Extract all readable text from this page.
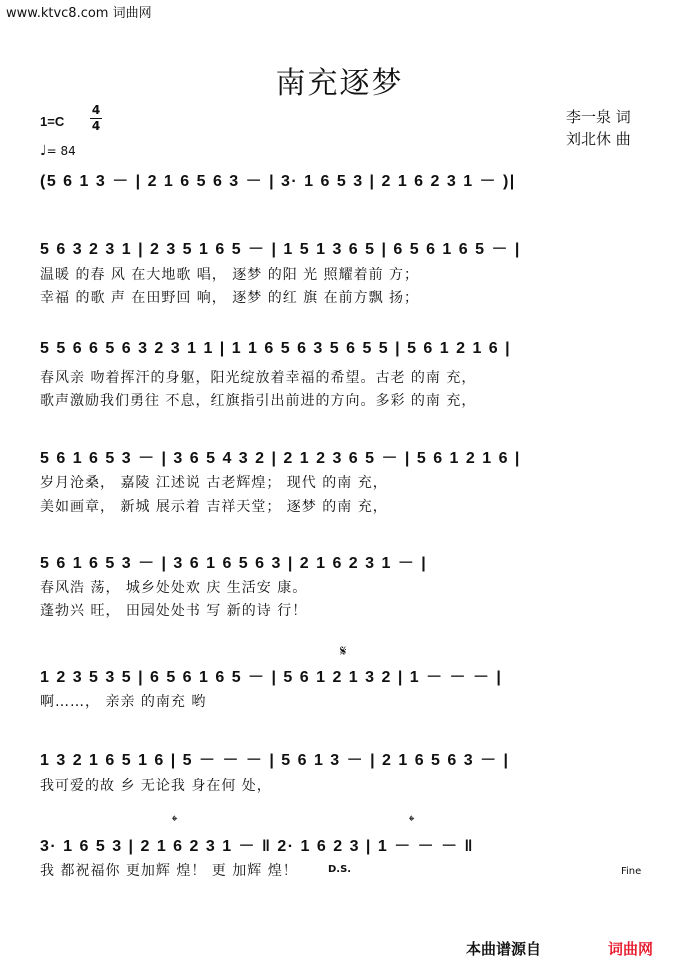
www.ktvc8.com 词曲网
南充逐梦
1=C
4
4
♩= 84
李一泉 词
刘北休 曲
(5 6 1 3 － | 2 1 6 5 6 3 － | 3· 1 6 5 3 | 2 1 6 2 3 1 － )|
5 6 3 2 3 1 | 2 3 5 1 6 5 － | 1 5 1 3 6 5 | 6 5 6 1 6 5 － |
温暖 的春 风 在大地歌 唱， 逐梦 的阳 光 照耀着前 方；
幸福 的歌 声 在田野回 响， 逐梦 的红 旗 在前方飘 扬；
5 5 6 6 5 6 3 2 3 1 1 | 1 1 6 5 6 3 5 6 5 5 | 5 6 1 2 1 6 |
春风亲 吻着挥汗的身躯，阳光绽放着幸福的希望。古老 的南 充，
歌声激励我们勇往 不息，红旗指引出前进的方向。多彩 的南 充，
5 6 1 6 5 3 － | 3 6 5 4 3 2 | 2 1 2 3 6 5 － | 5 6 1 2 1 6 |
岁月沧桑， 嘉陵 江述说 古老辉煌； 现代 的南 充，
美如画章， 新城 展示着 吉祥天堂； 逐梦 的南 充，
5 6 1 6 5 3 － | 3 6 1 6 5 6 3 | 2 1 6 2 3 1 － |
春风浩 荡， 城乡处处欢 庆 生活安 康。
蓬勃兴 旺， 田园处处书 写 新的诗 行！
𝄋
1 2 3 5 3 5 | 6 5 6 1 6 5 － | 5 6 1 2 1 3 2 | 1 － － － |
啊……， 亲亲 的南充 哟
1 3 2 1 6 5 1 6 | 5 － － － | 5 6 1 3 － | 2 1 6 5 6 3 － |
我可爱的故 乡 无论我 身在何 处，
𝄌	𝄌
3· 1 6 5 3 | 2 1 6 2 3 1 － ‖ 2· 1 6 2 3 | 1 － － － ‖
我 都祝福你 更加辉 煌！ 更 加辉 煌！	D.S.	Fine
本曲谱源自	词曲网
